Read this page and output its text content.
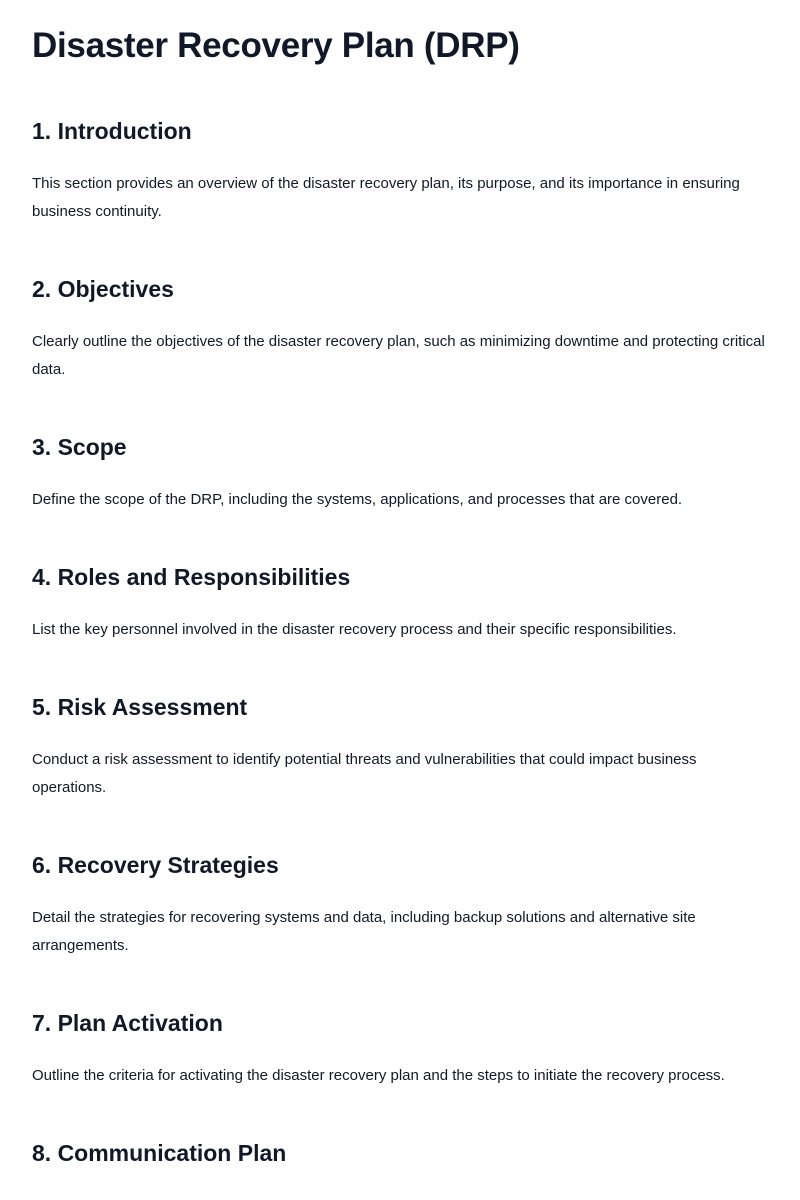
Disaster Recovery Plan (DRP)
1. Introduction

This section provides an overview of the disaster recovery plan, its purpose, and its importance in ensuring business continuity.

2. Objectives

Clearly outline the objectives of the disaster recovery plan, such as minimizing downtime and protecting critical data.

3. Scope

Define the scope of the DRP, including the systems, applications, and processes that are covered.

4. Roles and Responsibilities

List the key personnel involved in the disaster recovery process and their specific responsibilities.

5. Risk Assessment

Conduct a risk assessment to identify potential threats and vulnerabilities that could impact business operations.

6. Recovery Strategies

Detail the strategies for recovering systems and data, including backup solutions and alternative site arrangements.

7. Plan Activation

Outline the criteria for activating the disaster recovery plan and the steps to initiate the recovery process.

8. Communication Plan
